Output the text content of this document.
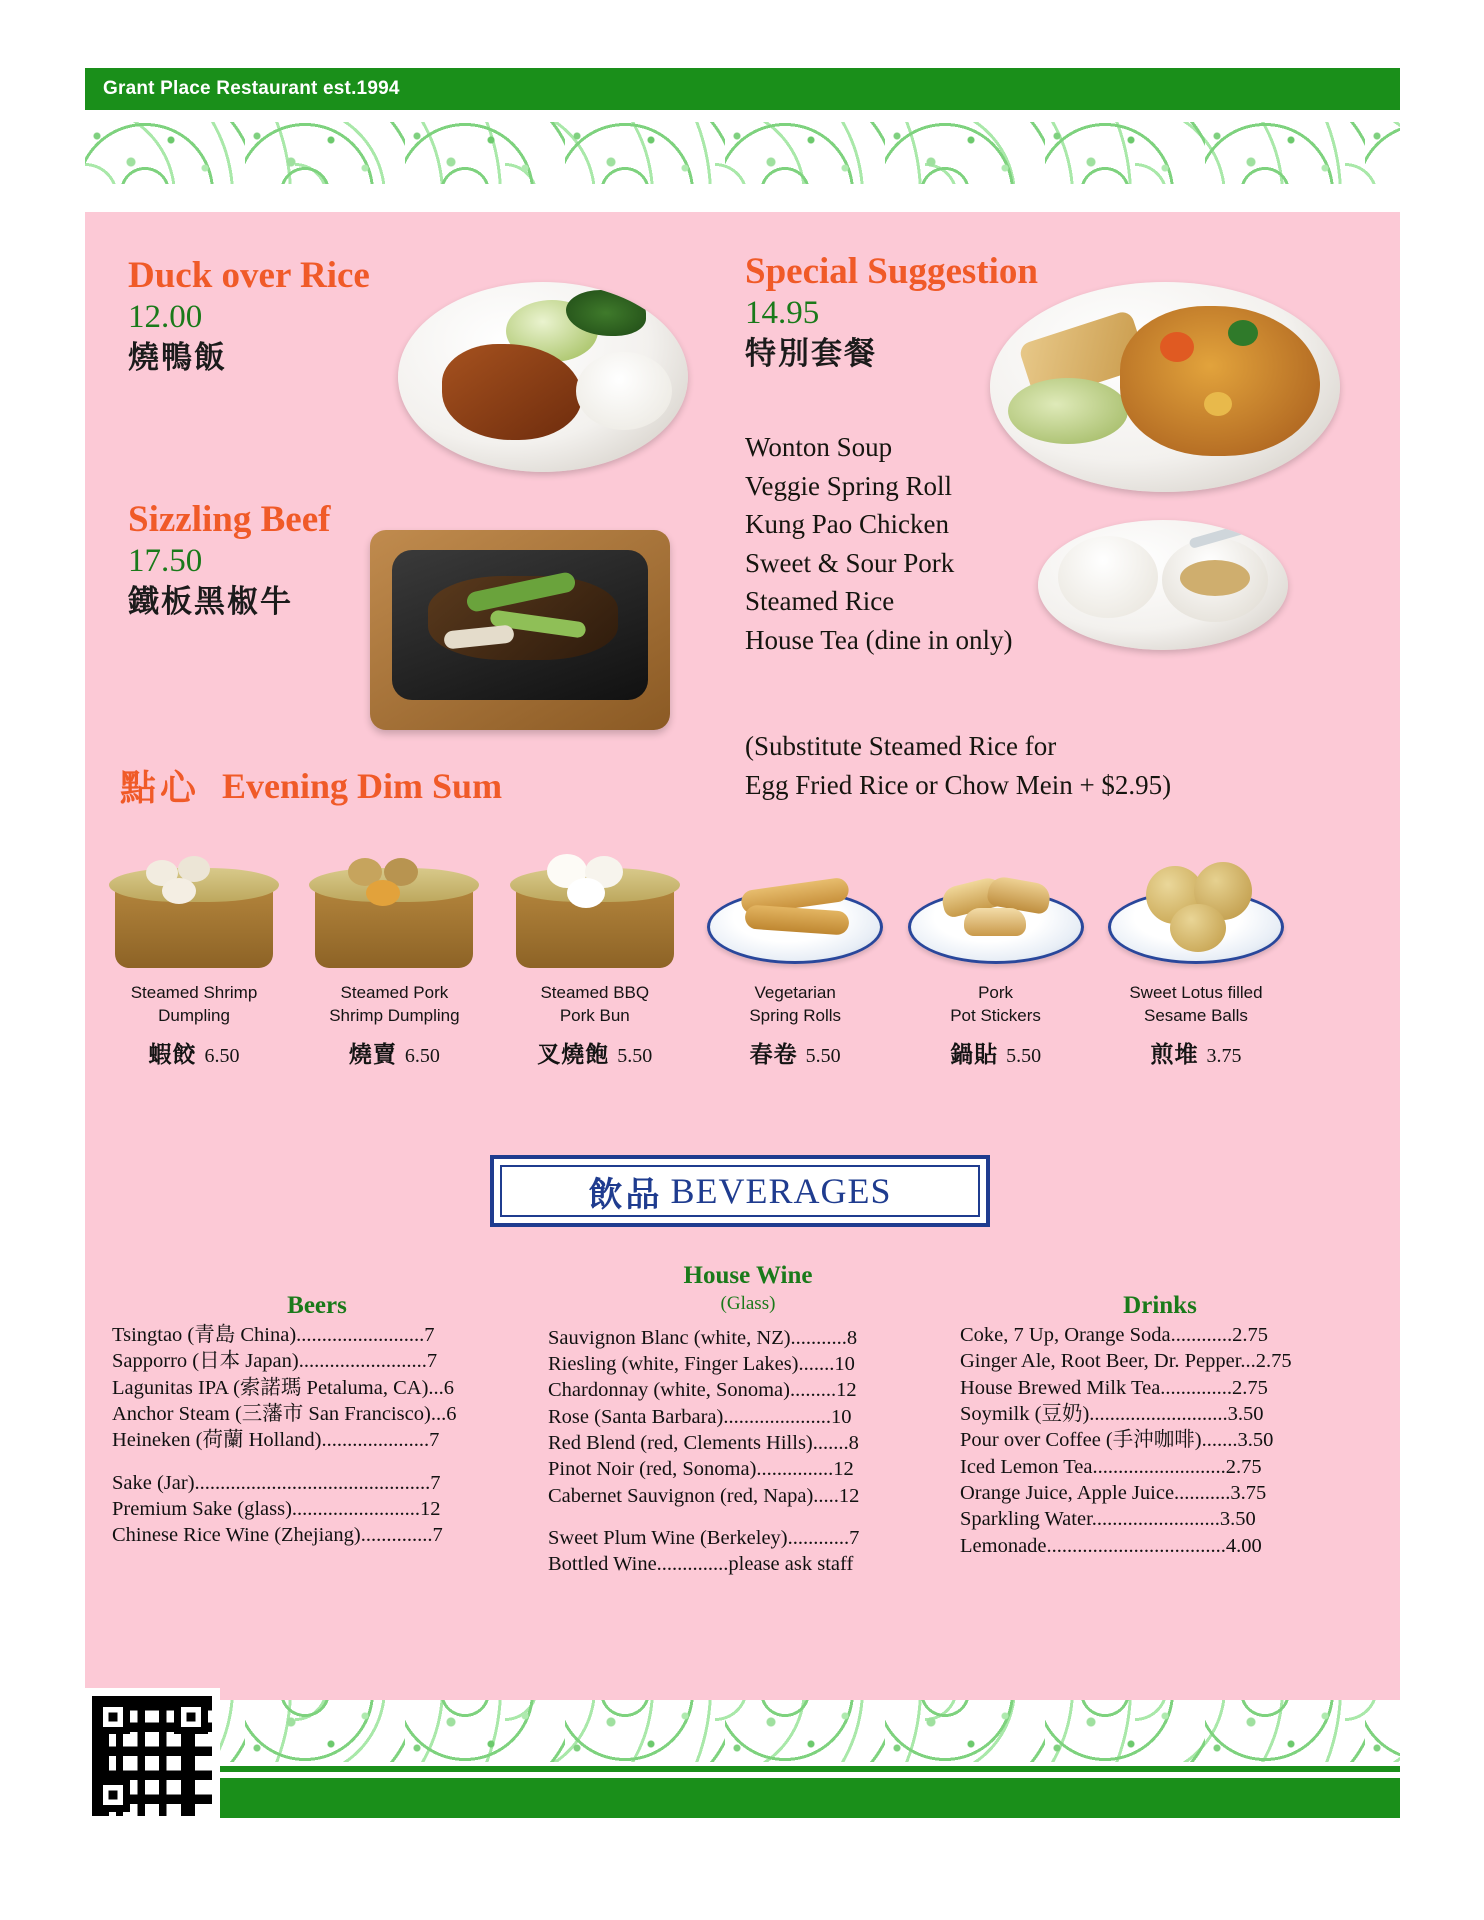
Grant Place Restaurant est.1994
Duck over Rice
12.00
燒鴨飯
Sizzling Beef
17.50
鐵板黑椒牛
Special Suggestion
14.95
特別套餐
Wonton Soup
Veggie Spring Roll
Kung Pao Chicken
Sweet & Sour Pork
Steamed Rice
House Tea (dine in only)
(Substitute Steamed Rice for
Egg Fried Rice or Chow Mein + $2.95)
點心 Evening Dim Sum
Steamed Shrimp
Dumpling
蝦餃 6.50
Steamed Pork
Shrimp Dumpling
燒賣 6.50
Steamed BBQ
Pork Bun
叉燒飽 5.50
Vegetarian
Spring Rolls
春卷 5.50
Pork
Pot Stickers
鍋貼 5.50
Sweet Lotus filled
Sesame Balls
煎堆 3.75
飲品 BEVERAGES
Beers
Tsingtao (青島 China).........................7
Sapporro (日本 Japan).........................7
Lagunitas IPA (索諾瑪 Petaluma, CA)...6
Anchor Steam (三藩市 San Francisco)...6
Heineken (荷蘭 Holland).....................7
Sake (Jar)..............................................7
Premium Sake (glass).........................12
Chinese Rice Wine (Zhejiang)..............7
House Wine
(Glass)
Sauvignon Blanc (white, NZ)...........8
Riesling (white, Finger Lakes).......10
Chardonnay (white, Sonoma).........12
Rose (Santa Barbara).....................10
Red Blend (red, Clements Hills).......8
Pinot Noir (red, Sonoma)...............12
Cabernet Sauvignon (red, Napa).....12
Sweet Plum Wine (Berkeley)............7
Bottled Wine..............please ask staff
Drinks
Coke, 7 Up, Orange Soda............2.75
Ginger Ale, Root Beer, Dr. Pepper...2.75
House Brewed Milk Tea..............2.75
Soymilk (豆奶)...........................3.50
Pour over Coffee (手沖咖啡).......3.50
Iced Lemon Tea..........................2.75
Orange Juice, Apple Juice...........3.75
Sparkling Water.........................3.50
Lemonade...................................4.00
